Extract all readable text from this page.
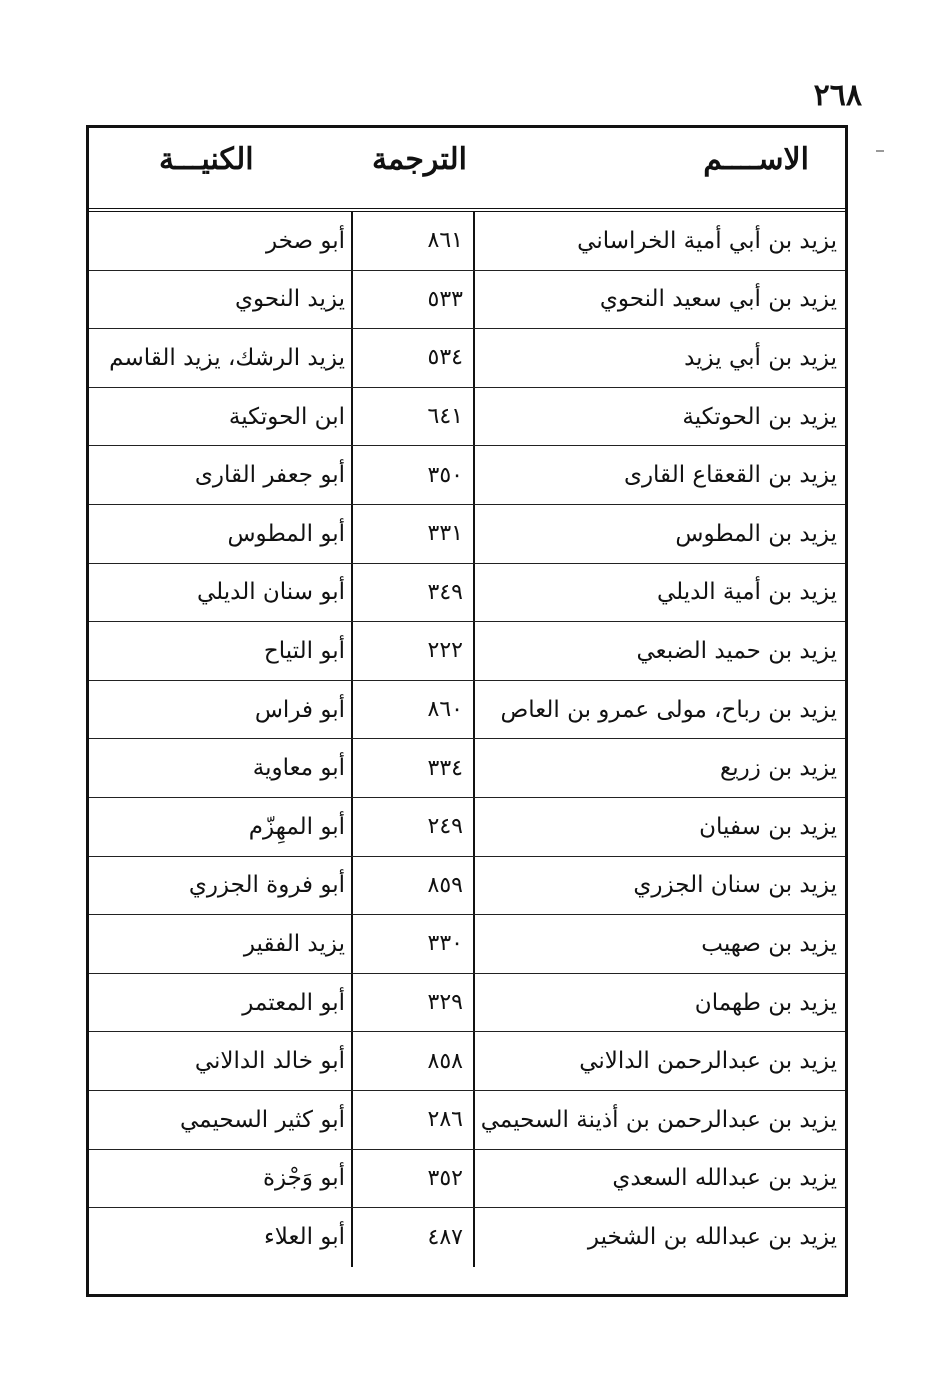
٢٦٨
الاســــم
الترجمة
الكنيـــة
يزيد بن أبي أمية الخراساني
٨٦١
أبو صخر
يزيد بن أبي سعيد النحوي
٥٣٣
يزيد النحوي
يزيد بن أبي يزيد
٥٣٤
يزيد الرشك، يزيد القاسم
يزيد بن الحوتكية
٦٤١
ابن الحوتكية
يزيد بن القعقاع القارى
٣٥٠
أبو جعفر القارى
يزيد بن المطوس
٣٣١
أبو المطوس
يزيد بن أمية الديلي
٣٤٩
أبو سنان الديلي
يزيد بن حميد الضبعي
٢٢٢
أبو التياح
يزيد بن رباح، مولى عمرو بن العاص
٨٦٠
أبو فراس
يزيد بن زريع
٣٣٤
أبو معاوية
يزيد بن سفيان
٢٤٩
أبو المهِزّم
يزيد بن سنان الجزري
٨٥٩
أبو فروة الجزري
يزيد بن صهيب
٣٣٠
يزيد الفقير
يزيد بن طهمان
٣٢٩
أبو المعتمر
يزيد بن عبدالرحمن الدالاني
٨٥٨
أبو خالد الدالاني
يزيد بن عبدالرحمن بن أذينة السحيمي
٢٨٦
أبو كثير السحيمي
يزيد بن عبدالله السعدي
٣٥٢
أبو وَجْزة
يزيد بن عبدالله بن الشخير
٤٨٧
أبو العلاء
